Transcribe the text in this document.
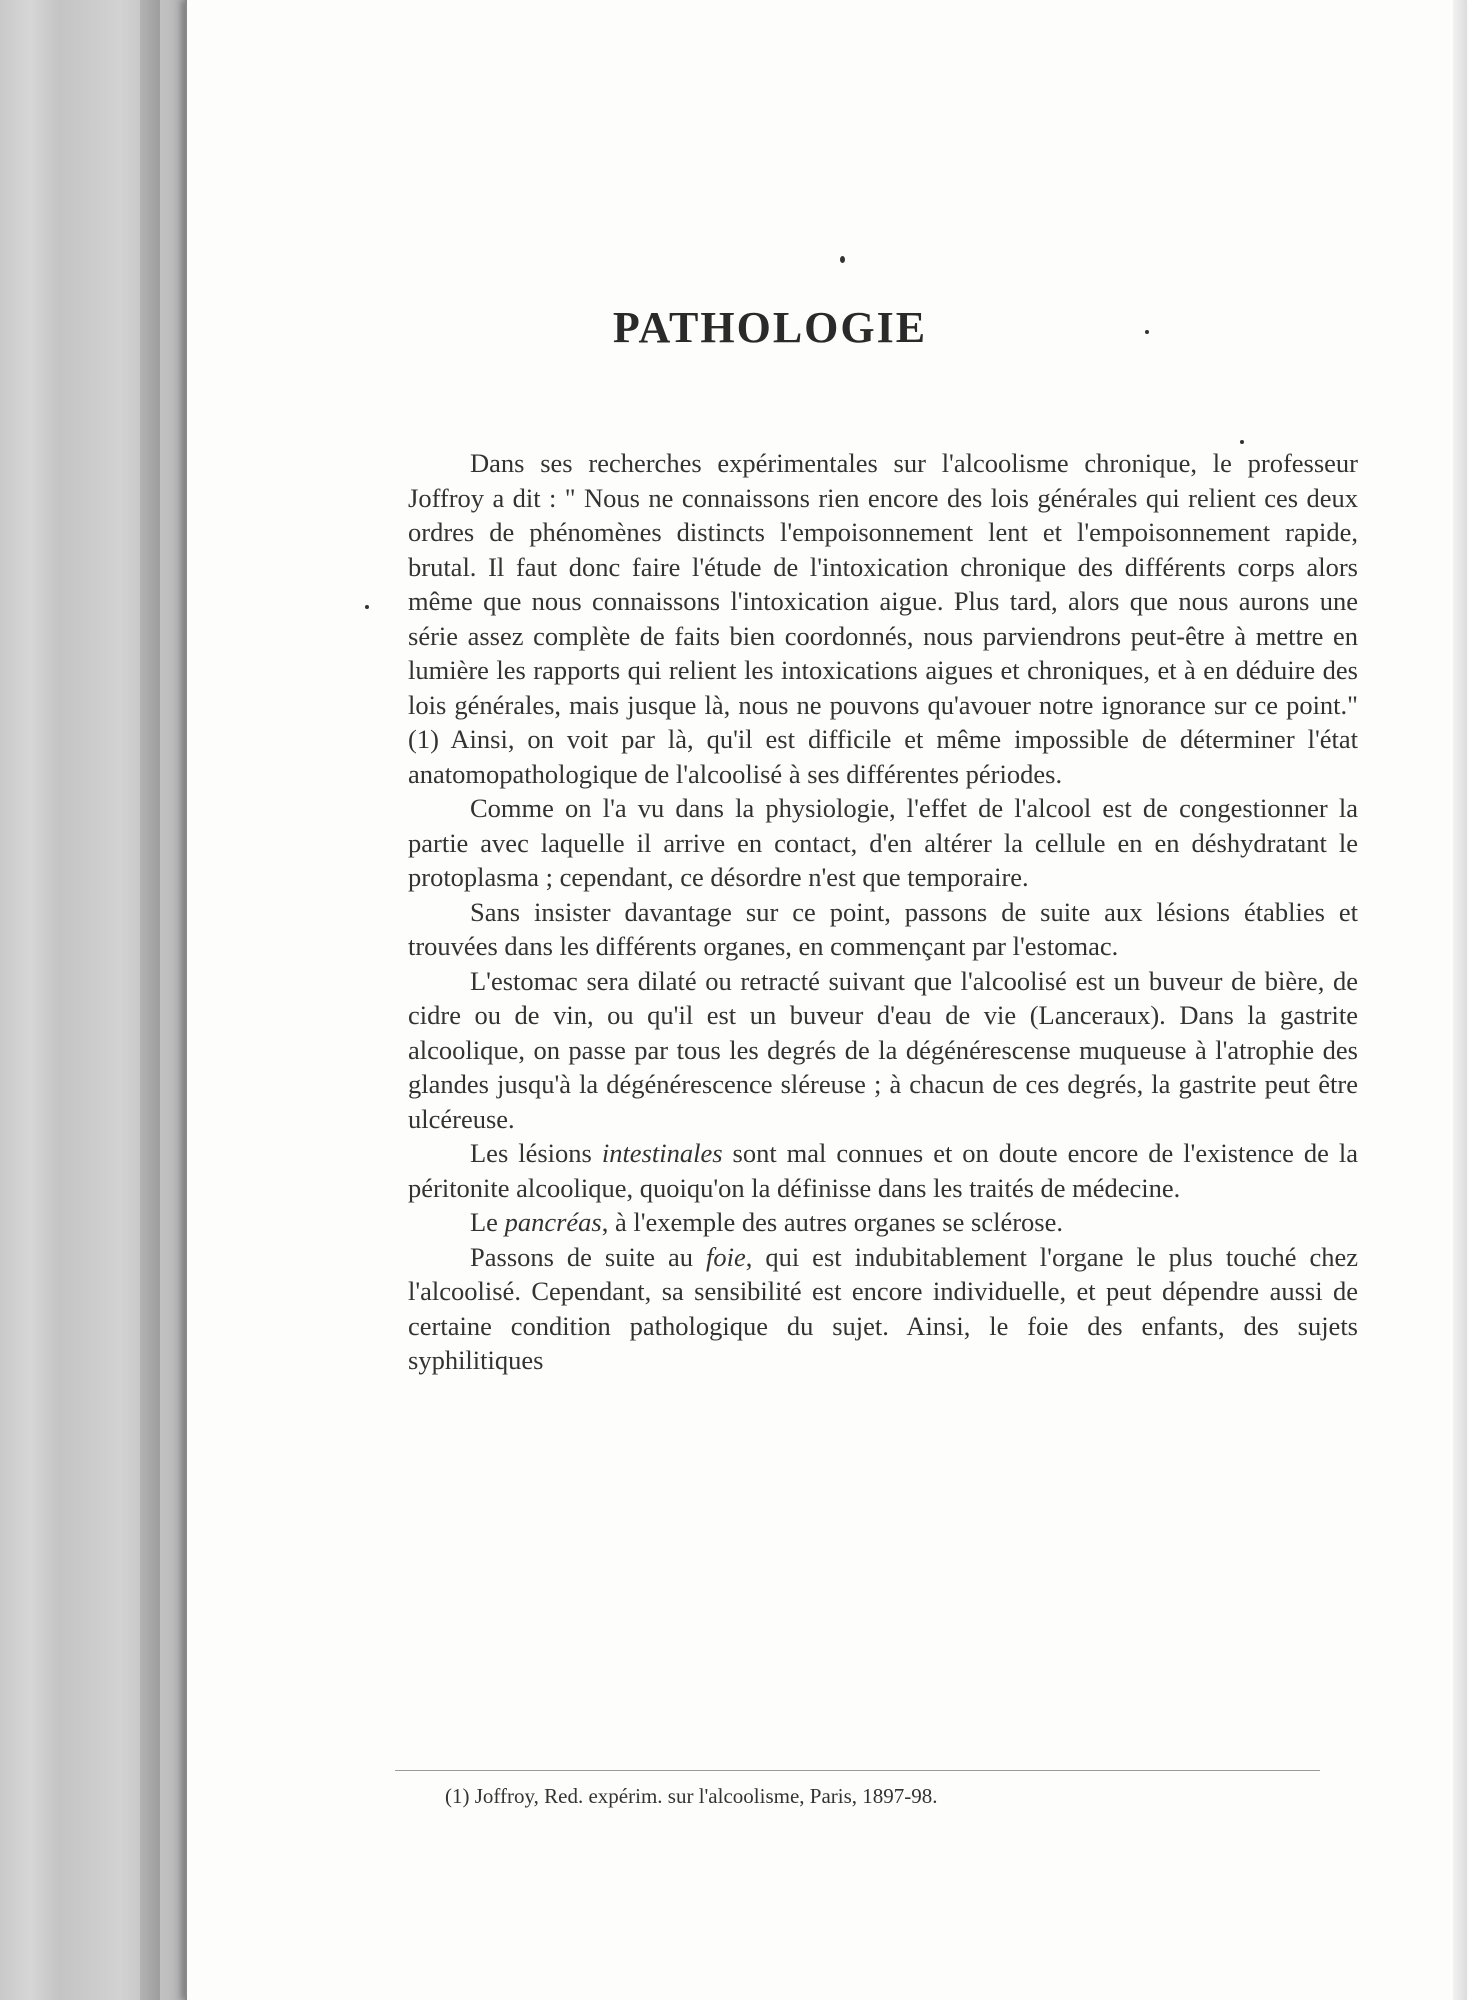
PATHOLOGIE

Dans ses recherches expérimentales sur l'alcoolisme chronique, le professeur Joffroy a dit : " Nous ne connaissons rien encore des lois générales qui relient ces deux ordres de phénomènes distincts l'empoisonnement lent et l'empoisonnement rapide, brutal. Il faut donc faire l'étude de l'intoxication chronique des différents corps alors même que nous connaissons l'intoxication aigue. Plus tard, alors que nous aurons une série assez complète de faits bien coordonnés, nous parviendrons peut-être à mettre en lumière les rapports qui relient les intoxications aigues et chroniques, et à en déduire des lois générales, mais jusque là, nous ne pouvons qu'avouer notre ignorance sur ce point." (1) Ainsi, on voit par là, qu'il est difficile et même impossible de déterminer l'état anatomopathologique de l'alcoolisé à ses différentes périodes.

Comme on l'a vu dans la physiologie, l'effet de l'alcool est de congestionner la partie avec laquelle il arrive en contact, d'en altérer la cellule en en déshydratant le protoplasma ; cependant, ce désordre n'est que temporaire.

Sans insister davantage sur ce point, passons de suite aux lésions établies et trouvées dans les différents organes, en commençant par l'estomac.

L'estomac sera dilaté ou retracté suivant que l'alcoolisé est un buveur de bière, de cidre ou de vin, ou qu'il est un buveur d'eau de vie (Lanceraux). Dans la gastrite alcoolique, on passe par tous les degrés de la dégénérescense muqueuse à l'atrophie des glandes jusqu'à la dégénérescence sléreuse ; à chacun de ces degrés, la gastrite peut être ulcéreuse.

Les lésions intestinales sont mal connues et on doute encore de l'existence de la péritonite alcoolique, quoiqu'on la définisse dans les traités de médecine.

Le pancréas, à l'exemple des autres organes se sclérose.

Passons de suite au foie, qui est indubitablement l'organe le plus touché chez l'alcoolisé. Cependant, sa sensibilité est encore individuelle, et peut dépendre aussi de certaine condition pathologique du sujet. Ainsi, le foie des enfants, des sujets syphilitiques

(1) Joffroy, Red. expérim. sur l'alcoolisme, Paris, 1897-98.
